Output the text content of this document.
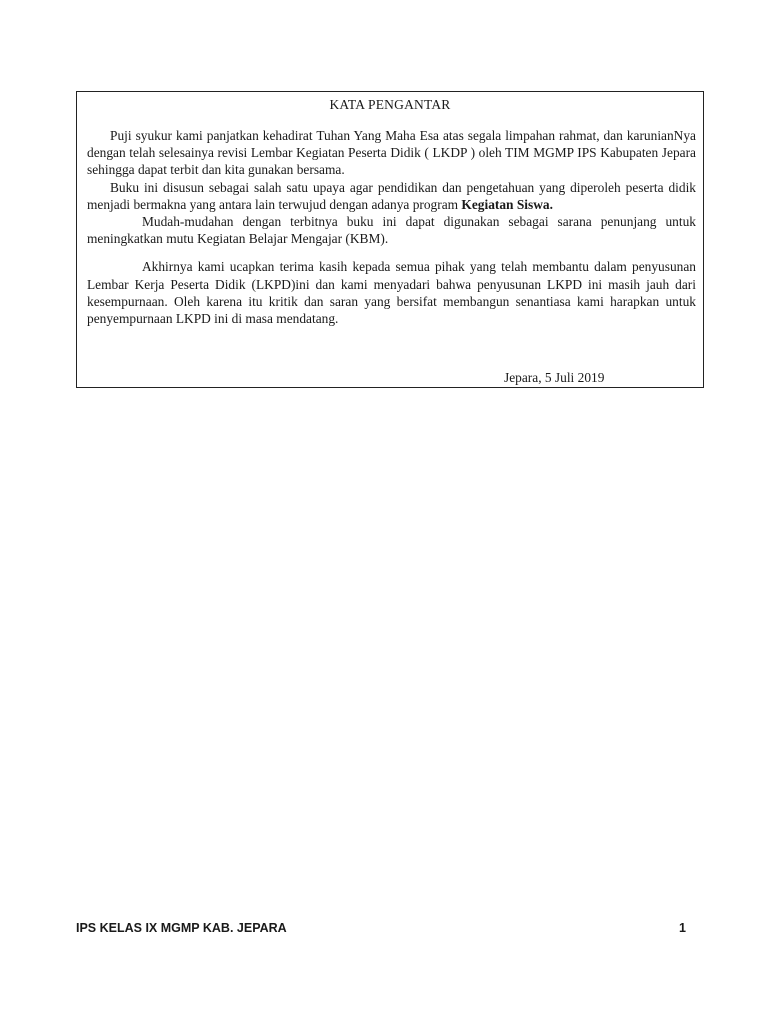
KATA PENGANTAR

Puji syukur kami panjatkan kehadirat Tuhan Yang Maha Esa atas segala limpahan rahmat, dan karunianNya dengan telah selesainya revisi Lembar Kegiatan Peserta Didik ( LKDP ) oleh TIM MGMP IPS Kabupaten Jepara sehingga dapat terbit dan kita gunakan bersama.

Buku ini disusun sebagai salah satu upaya agar pendidikan dan pengetahuan yang diperoleh peserta didik menjadi bermakna yang antara lain terwujud dengan adanya program Kegiatan Siswa.

Mudah-mudahan dengan terbitnya buku ini dapat digunakan sebagai sarana penunjang untuk meningkatkan mutu Kegiatan Belajar Mengajar (KBM).

Akhirnya kami ucapkan terima kasih kepada semua pihak yang telah membantu dalam penyusunan Lembar Kerja Peserta Didik (LKPD)ini dan kami menyadari bahwa penyusunan LKPD ini masih jauh dari kesempurnaan. Oleh karena itu kritik dan saran yang bersifat membangun senantiasa kami harapkan untuk penyempurnaan LKPD ini di masa mendatang.

Jepara, 5 Juli 2019
IPS KELAS IX MGMP KAB. JEPARA	1
